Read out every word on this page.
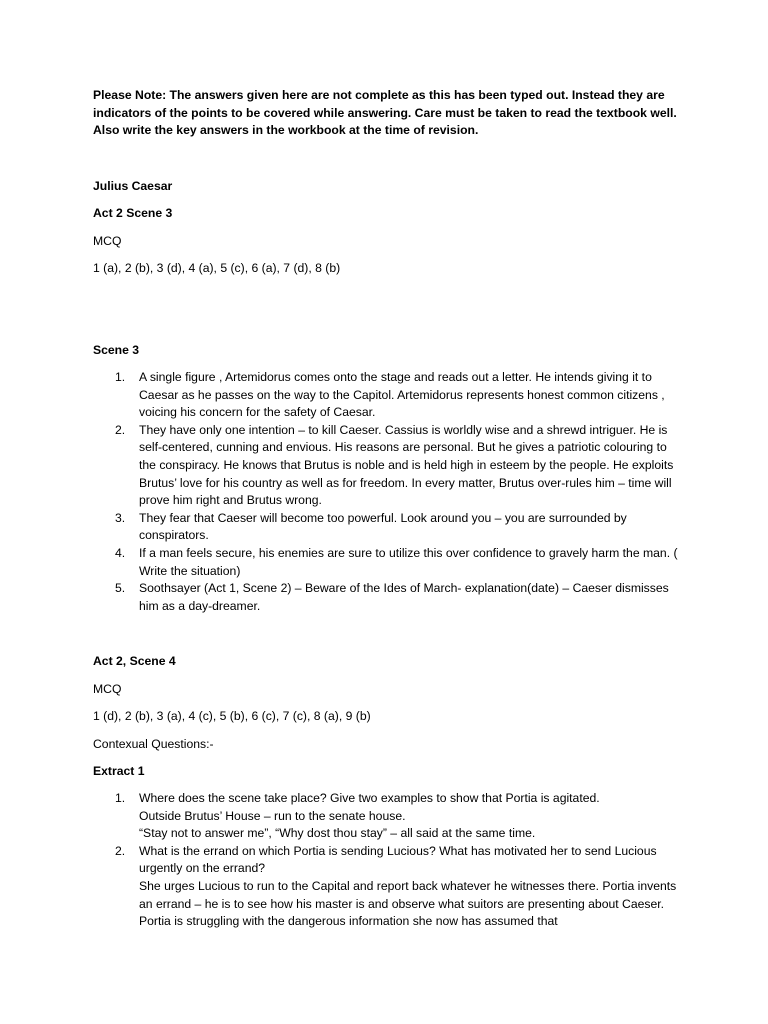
Please Note: The answers given here are not complete as this has been typed out. Instead they are indicators of the points to be covered while answering. Care must be taken to read the textbook well. Also write the key answers in the workbook at the time of revision.

Julius Caesar

Act 2 Scene 3

MCQ

1 (a), 2 (b), 3 (d), 4 (a), 5 (c), 6 (a), 7 (d), 8 (b)

Scene 3

1. A single figure , Artemidorus comes onto the stage and reads out a letter. He intends giving it to Caesar as he passes on the way to the Capitol. Artemidorus represents honest common citizens , voicing his concern for the safety of Caesar.
2. They have only one intention – to kill Caeser. Cassius is worldly wise and a shrewd intriguer. He is self-centered, cunning and envious. His reasons are personal. But he gives a patriotic colouring to the conspiracy. He knows that Brutus is noble and is held high in esteem by the people. He exploits Brutus’ love for his country as well as for freedom. In every matter, Brutus over-rules him – time will prove him right and Brutus wrong.
3. They fear that Caeser will become too powerful. Look around you – you are surrounded by conspirators.
4. If a man feels secure, his enemies are sure to utilize this over confidence to gravely harm the man. ( Write the situation)
5. Soothsayer (Act 1, Scene 2) – Beware of the Ides of March- explanation(date) – Caeser dismisses him as a day-dreamer.

Act 2, Scene 4

MCQ

1 (d), 2 (b), 3 (a), 4 (c), 5 (b), 6 (c), 7 (c), 8 (a), 9 (b)

Contexual Questions:-

Extract 1

1. Where does the scene take place? Give two examples to show that Portia is agitated.
Outside Brutus’ House – run to the senate house.
“Stay not to answer me”, “Why dost thou stay” – all said at the same time.
2. What is the errand on which Portia is sending Lucious? What has motivated her to send Lucious urgently on the errand?
She urges Lucious to run to the Capital and report back whatever he witnesses there. Portia invents an errand – he is to see how his master is and observe what suitors are presenting about Caeser. Portia is struggling with the dangerous information she now has assumed that
